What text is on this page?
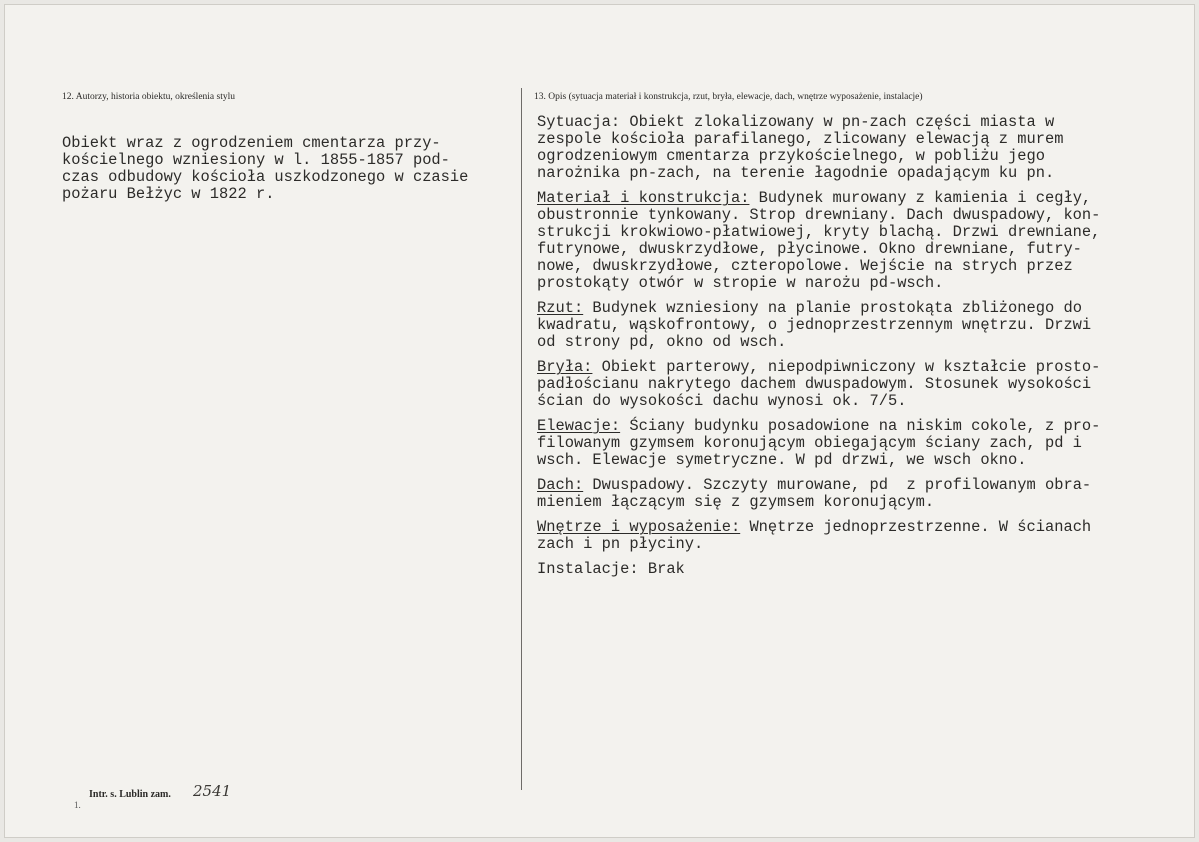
12. Autorzy, historia obiektu, określenia stylu
Obiekt wraz z ogrodzeniem cmentarza przy-
kościelnego wzniesiony w l. 1855-1857 pod-
czas odbudowy kościoła uszkodzonego w czasie
pożaru Bełżyc w 1822 r.
13. Opis (sytuacja materiał i konstrukcja, rzut, bryła, elewacje, dach, wnętrze wyposażenie, instalacje)
Sytuacja: Obiekt zlokalizowany w pn-zach części miasta w
zespole kościoła parafilanego, zlicowany elewacją z murem
ogrodzeniowym cmentarza przykościelnego, w pobliżu jego
narożnika pn-zach, na terenie łagodnie opadającym ku pn.
Materiał i konstrukcja: Budynek murowany z kamienia i cegły,
obustronnie tynkowany. Strop drewniany. Dach dwuspadowy, kon-
strukcji krokwiowo-płatwiowej, kryty blachą. Drzwi drewniane,
futrynowe, dwuskrzydłowe, płycinowe. Okno drewniane, futry-
nowe, dwuskrzydłowe, czteropolowe. Wejście na strych przez
prostokąty otwór w stropie w narożu pd-wsch.
Rzut: Budynek wzniesiony na planie prostokąta zbliżonego do
kwadratu, wąskofrontowy, o jednoprzestrzennym wnętrzu. Drzwi
od strony pd, okno od wsch.
Bryła: Obiekt parterowy, niepodpiwniczony w kształcie prosto-
padłościanu nakrytego dachem dwuspadowym. Stosunek wysokości
ścian do wysokości dachu wynosi ok. 7/5.
Elewacje: Ściany budynku posadowione na niskim cokole, z pro-
filowanym gzymsem koronującym obiegającym ściany zach, pd i
wsch. Elewacje symetryczne. W pd drzwi, we wsch okno.
Dach: Dwuspadowy. Szczyty murowane, pd  z profilowanym obra-
mieniem łączącym się z gzymsem koronującym.
Wnętrze i wyposażenie: Wnętrze jednoprzestrzenne. W ścianach
zach i pn płyciny.
Instalacje: Brak
1.
Intr. s. Lublin zam. 2541
